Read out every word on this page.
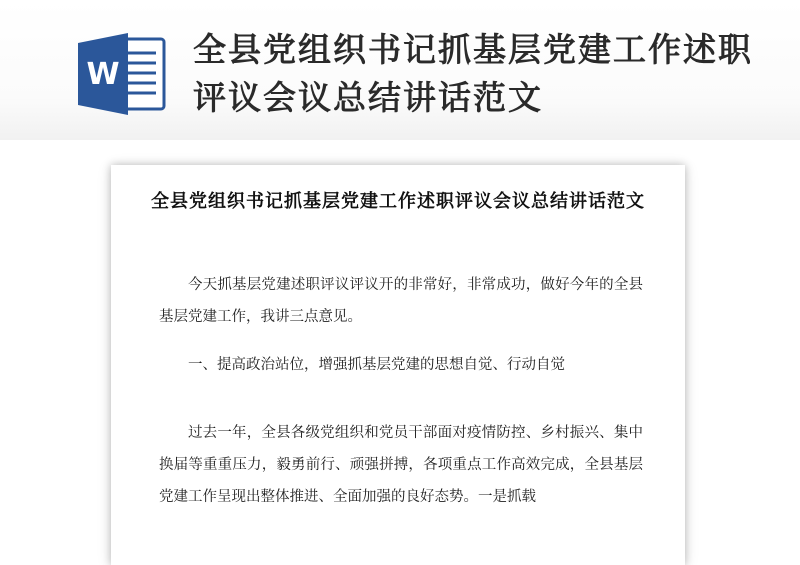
W
全县党组织书记抓基层党建工作述职评议会议总结讲话范文
全县党组织书记抓基层党建工作述职评议会议总结讲话范文
今天抓基层党建述职评议评议开的非常好，非常成功，做好今年的全县基层党建工作，我讲三点意见。
一、提高政治站位，增强抓基层党建的思想自觉、行动自觉
过去一年，全县各级党组织和党员干部面对疫情防控、乡村振兴、集中换届等重重压力，毅勇前行、顽强拼搏，各项重点工作高效完成，全县基层党建工作呈现出整体推进、全面加强的良好态势。一是抓载
